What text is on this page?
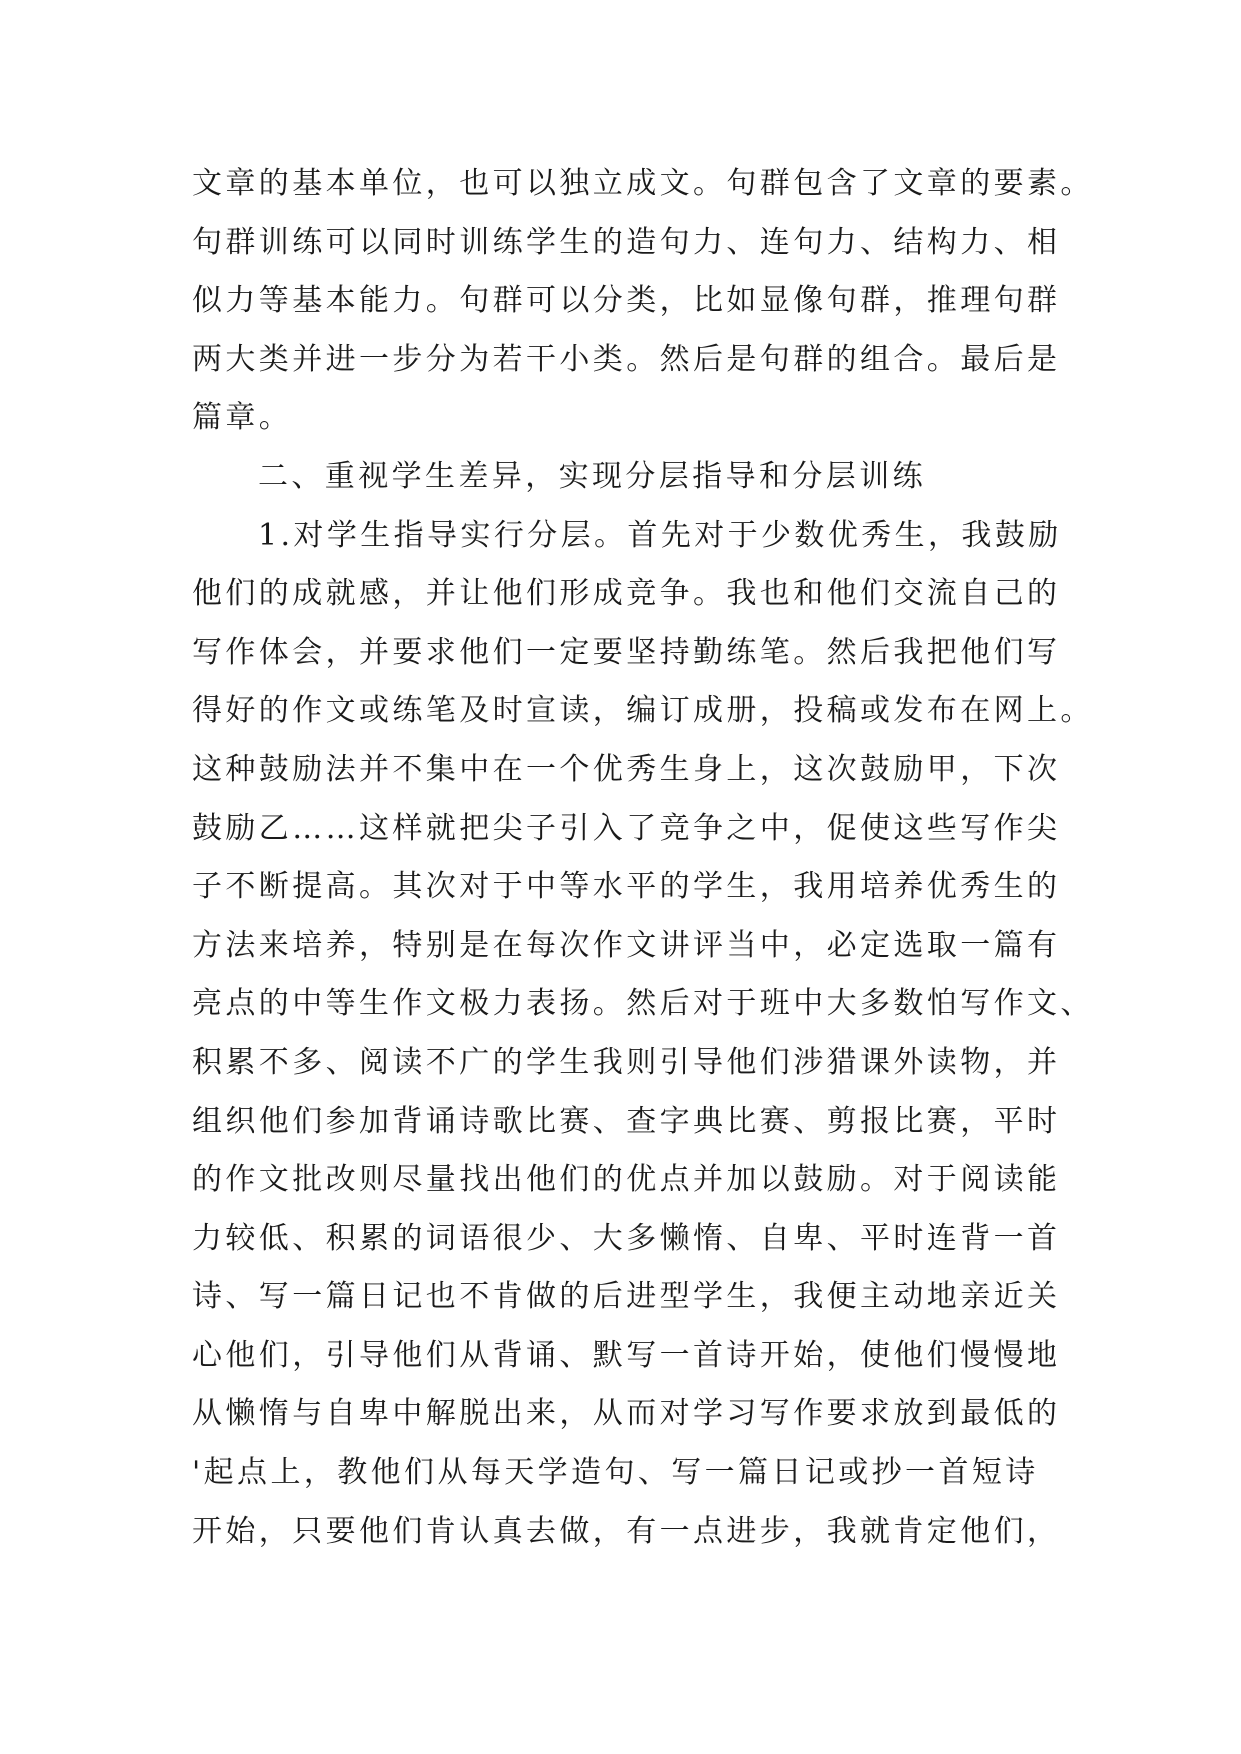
文章的基本单位，也可以独立成文。句群包含了文章的要素。
句群训练可以同时训练学生的造句力、连句力、结构力、相
似力等基本能力。句群可以分类，比如显像句群，推理句群
两大类并进一步分为若干小类。然后是句群的组合。最后是
篇章。
二、重视学生差异，实现分层指导和分层训练
1.对学生指导实行分层。首先对于少数优秀生，我鼓励
他们的成就感，并让他们形成竞争。我也和他们交流自己的
写作体会，并要求他们一定要坚持勤练笔。然后我把他们写
得好的作文或练笔及时宣读，编订成册，投稿或发布在网上。
这种鼓励法并不集中在一个优秀生身上，这次鼓励甲，下次
鼓励乙……这样就把尖子引入了竞争之中，促使这些写作尖
子不断提高。其次对于中等水平的学生，我用培养优秀生的
方法来培养，特别是在每次作文讲评当中，必定选取一篇有
亮点的中等生作文极力表扬。然后对于班中大多数怕写作文、
积累不多、阅读不广的学生我则引导他们涉猎课外读物，并
组织他们参加背诵诗歌比赛、查字典比赛、剪报比赛，平时
的作文批改则尽量找出他们的优点并加以鼓励。对于阅读能
力较低、积累的词语很少、大多懒惰、自卑、平时连背一首
诗、写一篇日记也不肯做的后进型学生，我便主动地亲近关
心他们，引导他们从背诵、默写一首诗开始，使他们慢慢地
从懒惰与自卑中解脱出来，从而对学习写作要求放到最低的
'起点上，教他们从每天学造句、写一篇日记或抄一首短诗
开始，只要他们肯认真去做，有一点进步，我就肯定他们，
